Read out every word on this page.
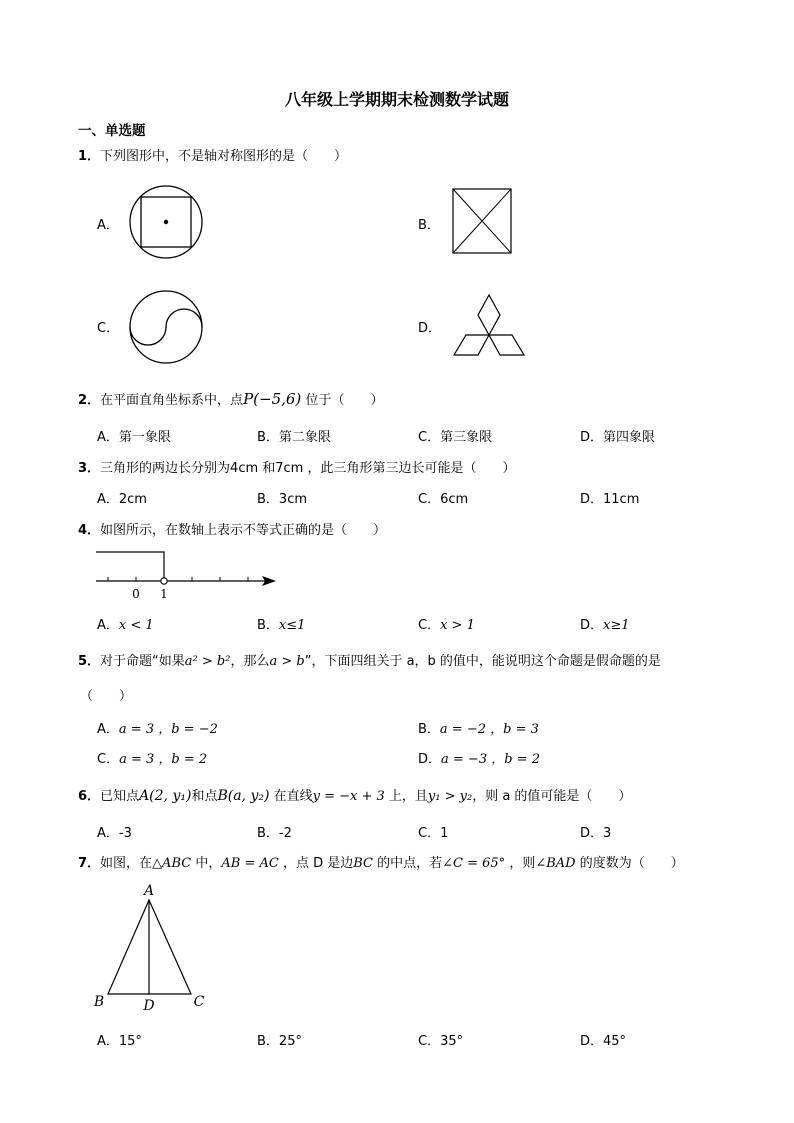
八年级上学期期末检测数学试题
一、单选题
1．下列图形中，不是轴对称图形的是（　　）
A．	B．
C．	D．
2．在平面直角坐标系中，点P(−5,6) 位于（　　）
A．第一象限	B．第二象限	C．第三象限	D．第四象限
3．三角形的两边长分别为4cm 和7cm ，此三角形第三边长可能是（　　）
A．2cm	B．3cm	C．6cm	D．11cm
4．如图所示，在数轴上表示不等式正确的是（　　）
0 1
A．x < 1	B．x≤1	C．x > 1	D．x≥1
5．对于命题“如果a² > b²，那么a > b”，下面四组关于 a，b 的值中，能说明这个命题是假命题的是
（　　）
A．a = 3 ，b = −2	B．a = −2 ，b = 3
C．a = 3 ，b = 2	D．a = −3 ，b = 2
6．已知点A(2, y₁)和点B(a, y₂) 在直线y = −x + 3 上，且y₁ > y₂，则 a 的值可能是（　　）
A．-3	B．-2	C．1	D．3
7．如图，在△ABC 中，AB = AC ，点 D 是边BC 的中点，若∠C = 65° ，则∠BAD 的度数为（　　）
A
B	D	C
A．15°	B．25°	C．35°	D．45°
